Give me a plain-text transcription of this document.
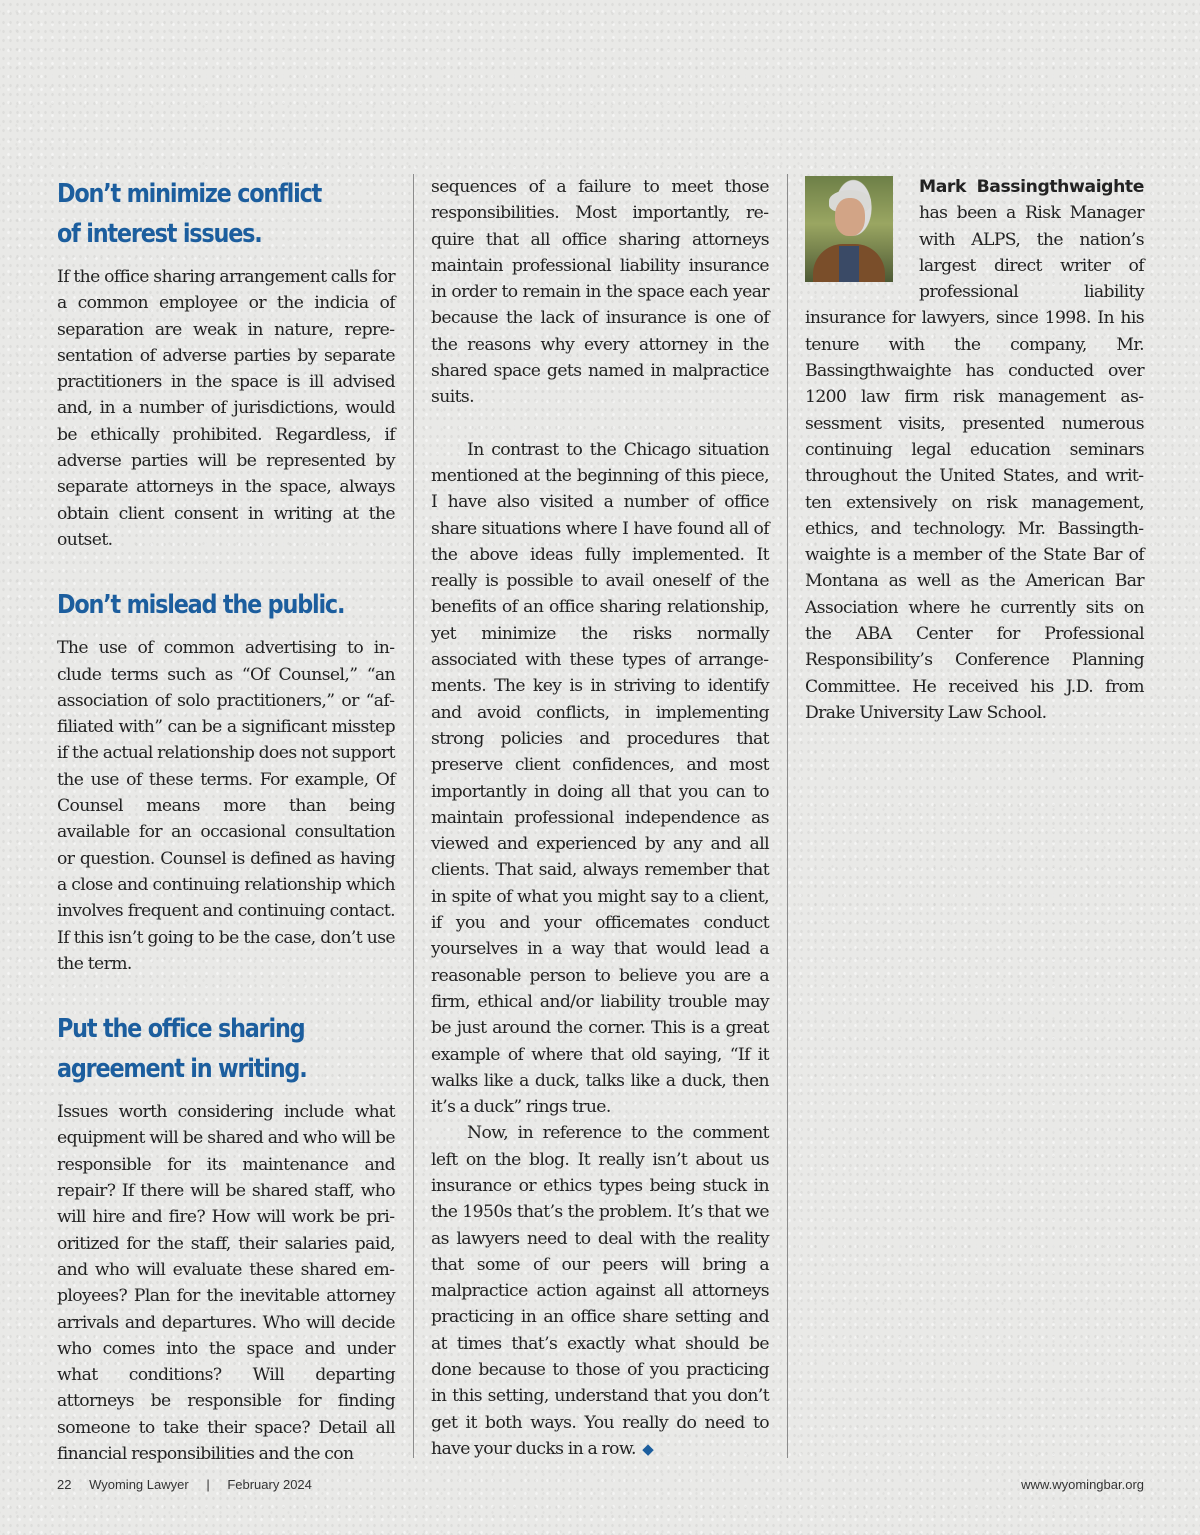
Don’t minimize conflict
of interest issues.

If the office sharing arrangement calls for a common employee or the indicia of separation are weak in nature, representation of adverse parties by separate practitioners in the space is ill advised and, in a number of jurisdictions, would be ethically prohibited. Regardless, if adverse parties will be represented by separate attorneys in the space, always obtain client consent in writing at the outset.

Don’t mislead the public.

The use of common advertising to include terms such as “Of Counsel,” “an association of solo practitioners,” or “affiliated with” can be a significant misstep if the actual relationship does not support the use of these terms. For example, Of Counsel means more than being available for an occasional consultation or question. Counsel is defined as having a close and continuing relationship which involves frequent and continuing contact. If this isn’t going to be the case, don’t use the term.

Put the office sharing
agreement in writing.

Issues worth considering include what equipment will be shared and who will be responsible for its maintenance and repair? If there will be shared staff, who will hire and fire? How will work be prioritized for the staff, their salaries paid, and who will evaluate these shared employees? Plan for the inevitable attorney arrivals and departures. Who will decide who comes into the space and under what conditions? Will departing attorneys be responsible for finding someone to take their space? Detail all financial responsibilities and the con

sequences of a failure to meet those responsibilities. Most importantly, require that all office sharing attorneys maintain professional liability insurance in order to remain in the space each year because the lack of insurance is one of the reasons why every attorney in the shared space gets named in malpractice suits.

In contrast to the Chicago situation mentioned at the beginning of this piece, I have also visited a number of office share situations where I have found all of the above ideas fully implemented. It really is possible to avail oneself of the benefits of an office sharing relationship, yet minimize the risks normally associated with these types of arrangements. The key is in striving to identify and avoid conflicts, in implementing strong policies and procedures that preserve client confidences, and most importantly in doing all that you can to maintain professional independence as viewed and experienced by any and all clients. That said, always remember that in spite of what you might say to a client, if you and your officemates conduct yourselves in a way that would lead a reasonable person to believe you are a firm, ethical and/or liability trouble may be just around the corner. This is a great example of where that old saying, “If it walks like a duck, talks like a duck, then it’s a duck” rings true.

Now, in reference to the comment left on the blog. It really isn’t about us insurance or ethics types being stuck in the 1950s that’s the problem. It’s that we as lawyers need to deal with the reality that some of our peers will bring a malpractice action against all attorneys practicing in an office share setting and at times that’s exactly what should be done because to those of you practicing in this setting, understand that you don’t get it both ways. You really do need to have your ducks in a row. ◆

Mark Bassingthwaighte has been a Risk Manager with ALPS, the nation’s largest direct writer of professional liability insurance for lawyers, since 1998. In his tenure with the company, Mr. Bassingthwaighte has conducted over 1200 law firm risk management assessment visits, presented numerous continuing legal education seminars throughout the United States, and written extensively on risk management, ethics, and technology. Mr. Bassingthwaighte is a member of the State Bar of Montana as well as the American Bar Association where he currently sits on the ABA Center for Professional Responsibility’s Conference Planning Committee. He received his J.D. from Drake University Law School.

22 Wyoming Lawyer | February 2024	www.wyomingbar.org
